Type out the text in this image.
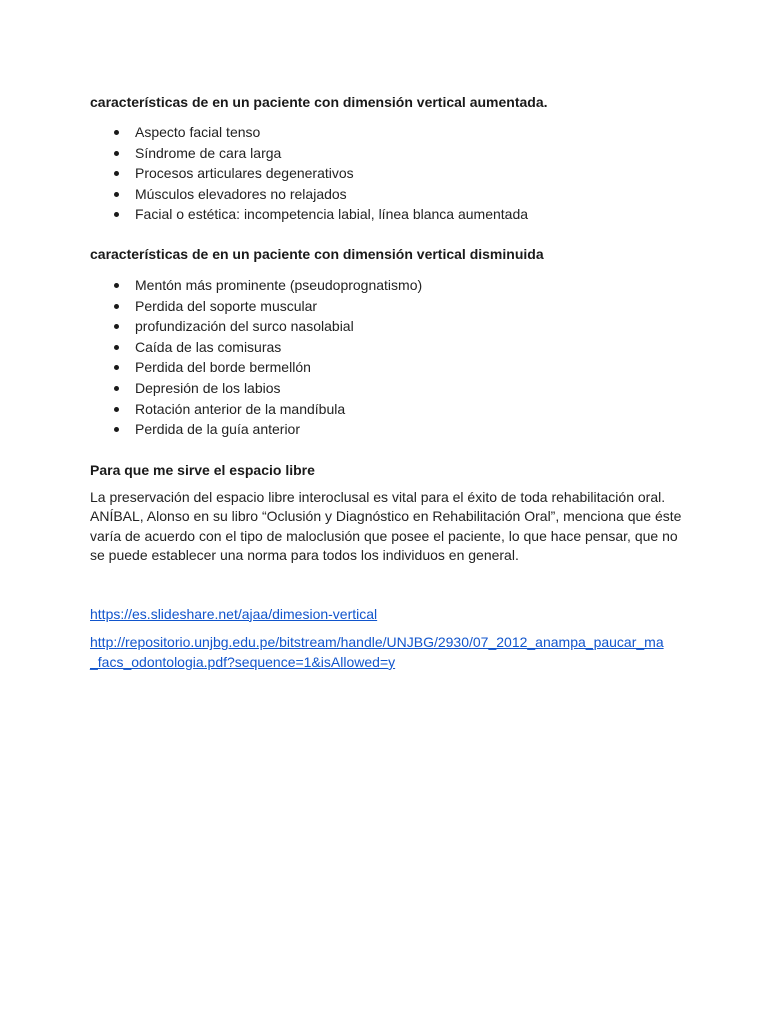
características de en un paciente con dimensión vertical aumentada.

Aspecto facial tenso
Síndrome de cara larga
Procesos articulares degenerativos
Músculos elevadores no relajados
Facial o estética: incompetencia labial, línea blanca aumentada

características de en un paciente con dimensión vertical disminuida

Mentón más prominente (pseudoprognatismo)
Perdida del soporte muscular
profundización del surco nasolabial
Caída de las comisuras
Perdida del borde bermellón
Depresión de los labios
Rotación anterior de la mandíbula
Perdida de la guía anterior

Para que me sirve el espacio libre

La preservación del espacio libre interoclusal es vital para el éxito de toda rehabilitación oral. ANÍBAL, Alonso en su libro “Oclusión y Diagnóstico en Rehabilitación Oral”, menciona que éste varía de acuerdo con el tipo de maloclusión que posee el paciente, lo que hace pensar, que no se puede establecer una norma para todos los individuos en general.

https://es.slideshare.net/ajaa/dimesion-vertical
http://repositorio.unjbg.edu.pe/bitstream/handle/UNJBG/2930/07_2012_anampa_paucar_ma_facs_odontologia.pdf?sequence=1&isAllowed=y
